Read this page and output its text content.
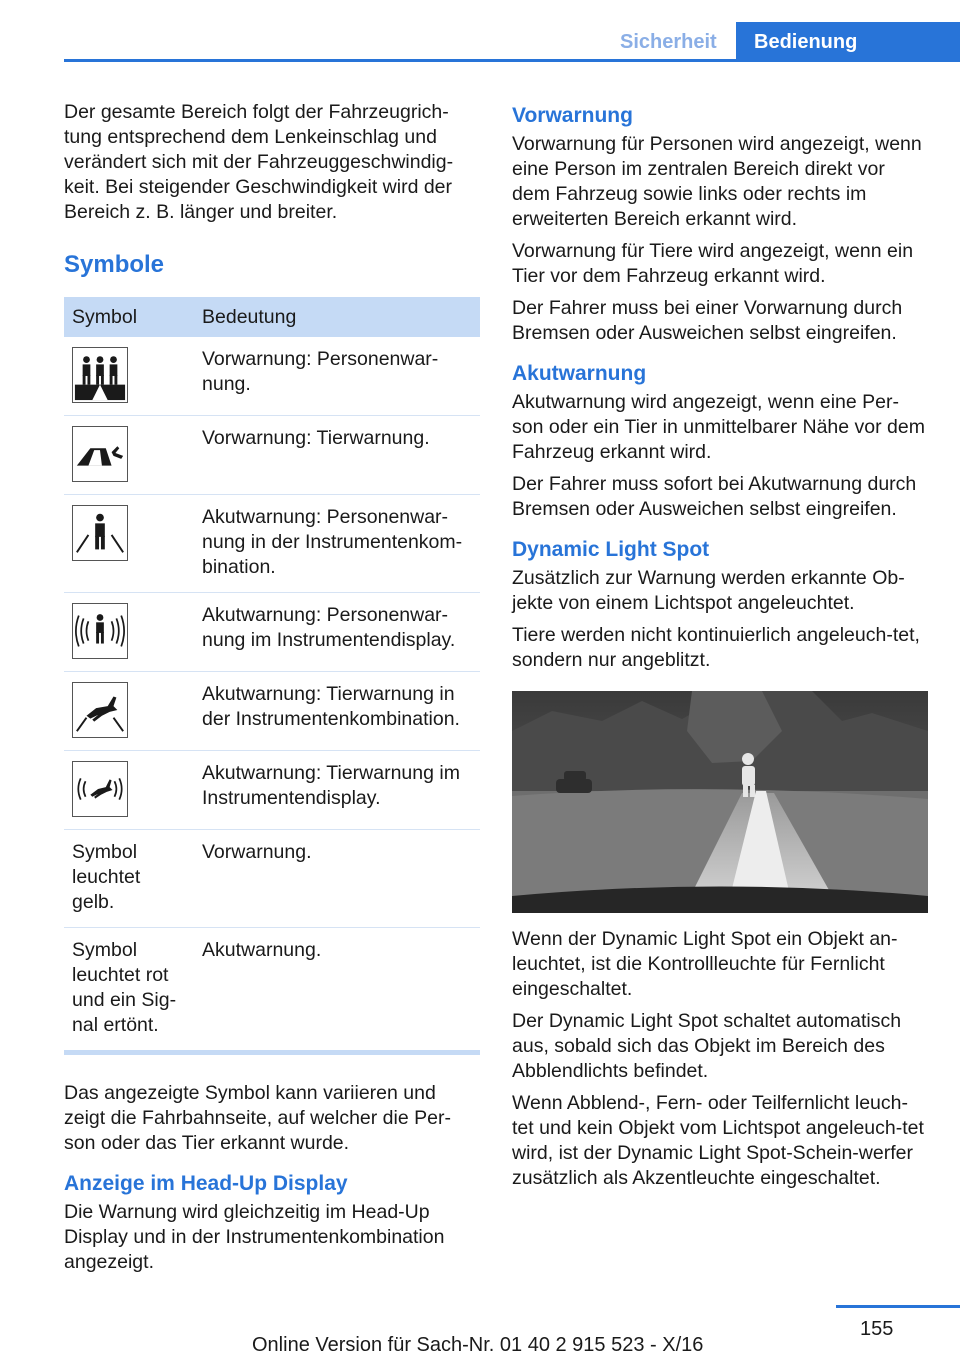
Sicherheit	Bedienung

Der gesamte Bereich folgt der Fahrzeugrich-tung entsprechend dem Lenkeinschlag und verändert sich mit der Fahrzeuggeschwindig-keit. Bei steigender Geschwindigkeit wird der Bereich z. B. länger und breiter.

Symbole
Symbol	Bedeutung

	Vorwarnung: Personenwar-nung.

	Vorwarnung: Tierwarnung.

	Akutwarnung: Personenwar-nung in der Instrumentenkom-bination.

	Akutwarnung: Personenwar-nung im Instrumentendisplay.

	Akutwarnung: Tierwarnung in der Instrumentenkombination.

	Akutwarnung: Tierwarnung im Instrumentendisplay.
Symbol leuchtet gelb.	Vorwarnung.
Symbol leuchtet rot und ein Sig-nal ertönt.	Akutwarnung.

Das angezeigte Symbol kann variieren und zeigt die Fahrbahnseite, auf welcher die Per-son oder das Tier erkannt wurde.

Anzeige im Head-Up Display

Die Warnung wird gleichzeitig im Head-Up Display und in der Instrumentenkombination angezeigt.

Vorwarnung

Vorwarnung für Personen wird angezeigt, wenn eine Person im zentralen Bereich direkt vor dem Fahrzeug sowie links oder rechts im erweiterten Bereich erkannt wird.

Vorwarnung für Tiere wird angezeigt, wenn ein Tier vor dem Fahrzeug erkannt wird.

Der Fahrer muss bei einer Vorwarnung durch Bremsen oder Ausweichen selbst eingreifen.

Akutwarnung

Akutwarnung wird angezeigt, wenn eine Per-son oder ein Tier in unmittelbarer Nähe vor dem Fahrzeug erkannt wird.

Der Fahrer muss sofort bei Akutwarnung durch Bremsen oder Ausweichen selbst eingreifen.

Dynamic Light Spot

Zusätzlich zur Warnung werden erkannte Ob-jekte von einem Lichtspot angeleuchtet.

Tiere werden nicht kontinuierlich angeleuch-tet, sondern nur angeblitzt.

Wenn der Dynamic Light Spot ein Objekt an-leuchtet, ist die Kontrollleuchte für Fernlicht eingeschaltet.

Der Dynamic Light Spot schaltet automatisch aus, sobald sich das Objekt im Bereich des Abblendlichts befindet.

Wenn Abblend-, Fern- oder Teilfernlicht leuch-tet und kein Objekt vom Lichtspot angeleuch-tet wird, ist der Dynamic Light Spot-Schein-werfer zusätzlich als Akzentleuchte eingeschaltet.

155
Online Version für Sach-Nr. 01 40 2 915 523 - X/16
